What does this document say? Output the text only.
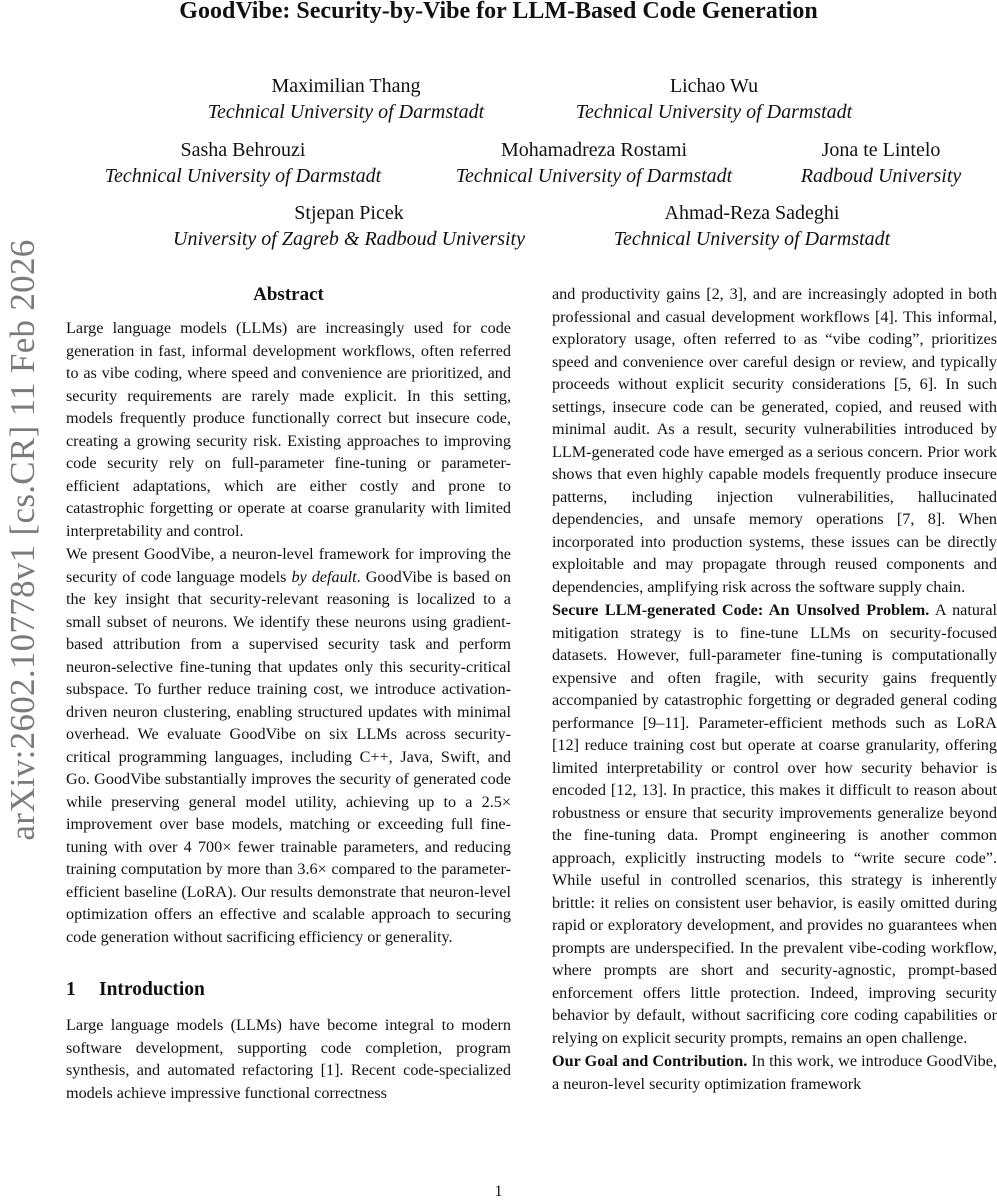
GoodVibe: Security-by-Vibe for LLM-Based Code Generation
Maximilian Thang
Technical University of Darmstadt
Lichao Wu
Technical University of Darmstadt
Sasha Behrouzi
Technical University of Darmstadt
Mohamadreza Rostami
Technical University of Darmstadt
Jona te Lintelo
Radboud University
Stjepan Picek
University of Zagreb & Radboud University
Ahmad-Reza Sadeghi
Technical University of Darmstadt
arXiv:2602.10778v1 [cs.CR] 11 Feb 2026	Abstract

Large language models (LLMs) are increasingly used for code generation in fast, informal development workflows, often referred to as vibe coding, where speed and convenience are prioritized, and security requirements are rarely made explicit. In this setting, models frequently produce functionally correct but insecure code, creating a growing security risk. Existing approaches to improving code security rely on full-parameter fine-tuning or parameter-efficient adaptations, which are either costly and prone to catastrophic forgetting or operate at coarse granularity with limited interpretability and control.

We present GoodVibe, a neuron-level framework for improving the security of code language models by default. GoodVibe is based on the key insight that security-relevant reasoning is localized to a small subset of neurons. We identify these neurons using gradient-based attribution from a supervised security task and perform neuron-selective fine-tuning that updates only this security-critical subspace. To further reduce training cost, we introduce activation-driven neuron clustering, enabling structured updates with minimal overhead. We evaluate GoodVibe on six LLMs across security-critical programming languages, including C++, Java, Swift, and Go. GoodVibe substantially improves the security of generated code while preserving general model utility, achieving up to a 2.5× improvement over base models, matching or exceeding full fine-tuning with over 4 700× fewer trainable parameters, and reducing training computation by more than 3.6× compared to the parameter-efficient baseline (LoRA). Our results demonstrate that neuron-level optimization offers an effective and scalable approach to securing code generation without sacrificing efficiency or generality.

1 Introduction

Large language models (LLMs) have become integral to modern software development, supporting code completion, program synthesis, and automated refactoring [1]. Recent code-specialized models achieve impressive functional correctness

and productivity gains [2, 3], and are increasingly adopted in both professional and casual development workflows [4]. This informal, exploratory usage, often referred to as “vibe coding”, prioritizes speed and convenience over careful design or review, and typically proceeds without explicit security considerations [5, 6]. In such settings, insecure code can be generated, copied, and reused with minimal audit. As a result, security vulnerabilities introduced by LLM-generated code have emerged as a serious concern. Prior work shows that even highly capable models frequently produce insecure patterns, including injection vulnerabilities, hallucinated dependencies, and unsafe memory operations [7, 8]. When incorporated into production systems, these issues can be directly exploitable and may propagate through reused components and dependencies, amplifying risk across the software supply chain.

Secure LLM-generated Code: An Unsolved Problem. A natural mitigation strategy is to fine-tune LLMs on security-focused datasets. However, full-parameter fine-tuning is computationally expensive and often fragile, with security gains frequently accompanied by catastrophic forgetting or degraded general coding performance [9–11]. Parameter-efficient methods such as LoRA [12] reduce training cost but operate at coarse granularity, offering limited interpretability or control over how security behavior is encoded [12, 13]. In practice, this makes it difficult to reason about robustness or ensure that security improvements generalize beyond the fine-tuning data. Prompt engineering is another common approach, explicitly instructing models to “write secure code”. While useful in controlled scenarios, this strategy is inherently brittle: it relies on consistent user behavior, is easily omitted during rapid or exploratory development, and provides no guarantees when prompts are underspecified. In the prevalent vibe-coding workflow, where prompts are short and security-agnostic, prompt-based enforcement offers little protection. Indeed, improving security behavior by default, without sacrificing core coding capabilities or relying on explicit security prompts, remains an open challenge.

Our Goal and Contribution. In this work, we introduce GoodVibe, a neuron-level security optimization framework

1
